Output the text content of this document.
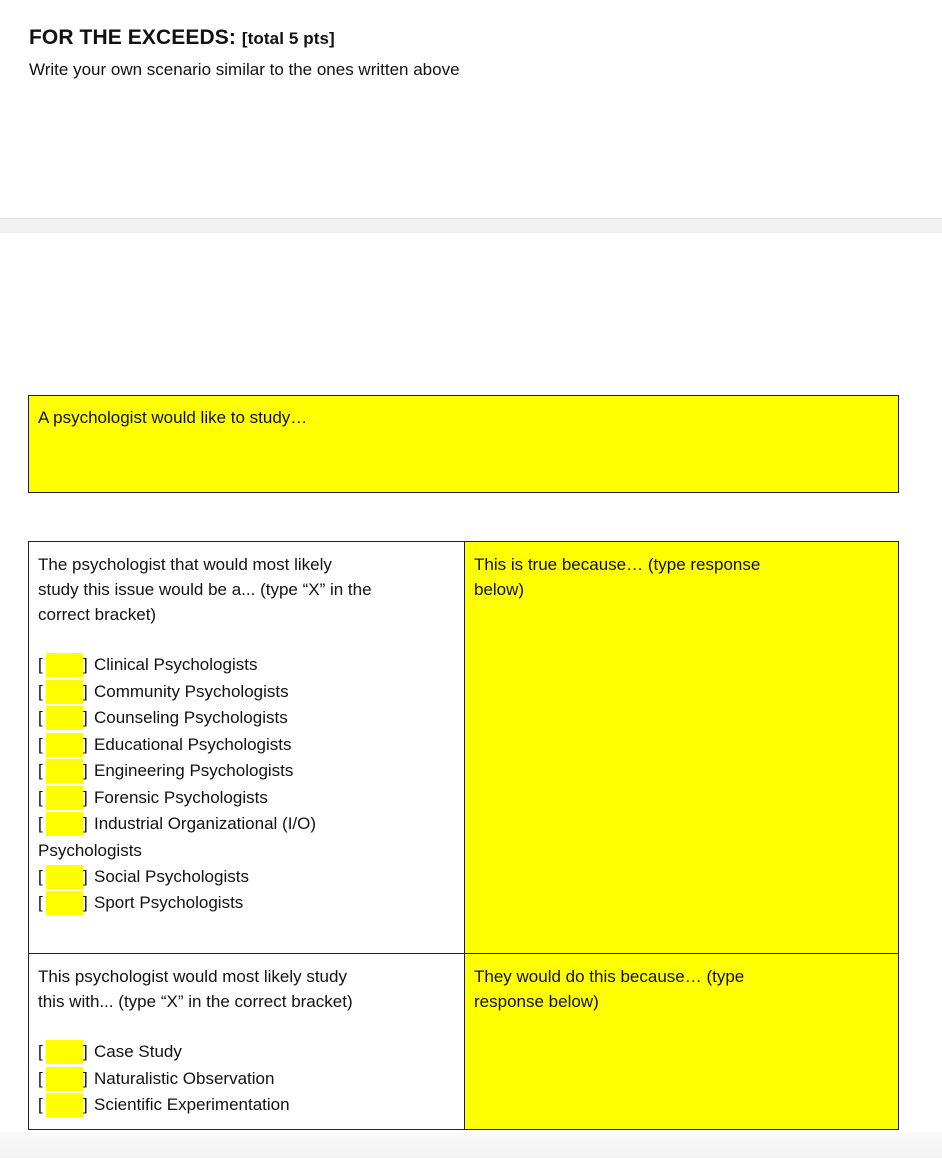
FOR THE EXCEEDS: [total 5 pts]
Write your own scenario similar to the ones written above
A psychologist would like to study…
The psychologist that would most likely
study this issue would be a... (type “X” in the
correct bracket)
[ ] Clinical Psychologists
[ ] Community Psychologists
[ ] Counseling Psychologists
[ ] Educational Psychologists
[ ] Engineering Psychologists
[ ] Forensic Psychologists
[ ] Industrial Organizational (I/O)
Psychologists
[ ] Social Psychologists
[ ] Sport Psychologists
This is true because… (type response
below)
This psychologist would most likely study
this with... (type “X” in the correct bracket)
[ ] Case Study
[ ] Naturalistic Observation
[ ] Scientific Experimentation
They would do this because… (type
response below)
